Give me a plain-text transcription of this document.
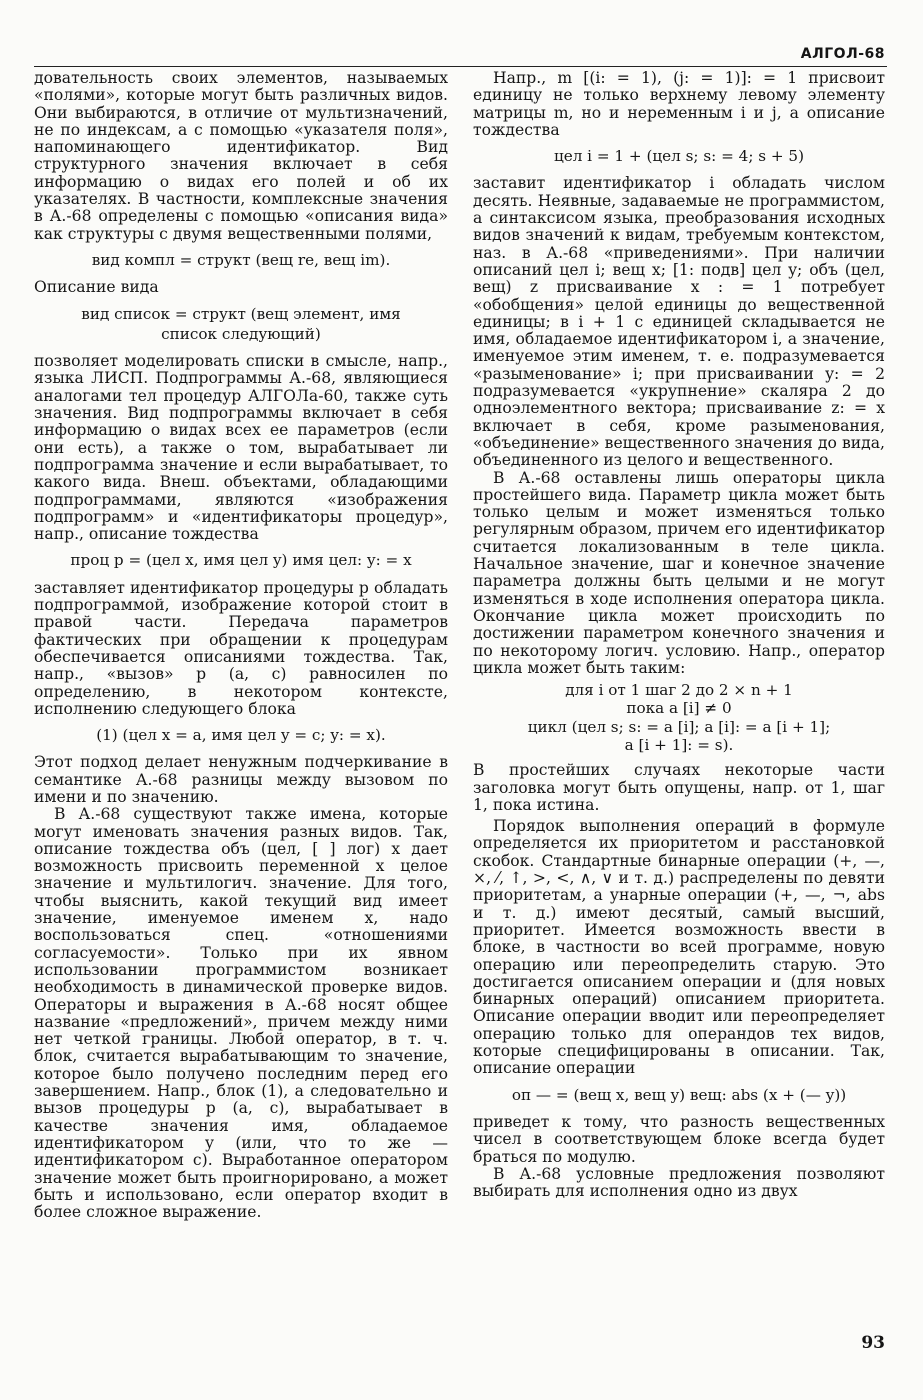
АЛГОЛ-68

довательность своих элементов, называемых «полями», которые могут быть различных видов. Они выбираются, в отличие от мультизначений, не по индексам, а с помощью «указателя поля», напоминающего идентификатор. Вид структурного значения включает в себя информацию о видах его полей и об их указателях. В частности, комплексные значения в А.-68 определены с помощью «описания вида» как структуры с двумя вещественными полями,

вид компл = структ (вещ re, вещ im).

Описание вида

вид список = структ (вещ элемент, имя

список следующий)

позволяет моделировать списки в смысле, напр., языка ЛИСП. Подпрограммы А.-68, являющиеся аналогами тел процедур АЛГОЛа-60, также суть значения. Вид подпрограммы включает в себя информацию о видах всех ее параметров (если они есть), а также о том, вырабатывает ли подпрограмма значение и если вырабатывает, то какого вида. Внеш. объектами, обладающими подпрограммами, являются «изображения подпрограмм» и «идентификаторы процедур», напр., описание тождества

проц p = (цел x, имя цел y) имя цел: y: = x

заставляет идентификатор процедуры p обладать подпрограммой, изображение которой стоит в правой части. Передача параметров фактических при обращении к процедурам обеспечивается описаниями тождества. Так, напр., «вызов» p (a, c) равносилен по определению, в некотором контексте, исполнению следующего блока

(1) (цел x = a, имя цел y = c; y: = x).

Этот подход делает ненужным подчеркивание в семантике А.-68 разницы между вызовом по имени и по значению.

В А.-68 существуют также имена, которые могут именовать значения разных видов. Так, описание тождества объ (цел, [ ] лог) x дает возможность присвоить переменной x целое значение и мультилогич. значение. Для того, чтобы выяснить, какой текущий вид имеет значение, именуемое именем x, надо воспользоваться спец. «отношениями согласуемости». Только при их явном использовании программистом возникает необходимость в динамической проверке видов. Операторы и выражения в А.-68 носят общее название «предложений», причем между ними нет четкой границы. Любой оператор, в т. ч. блок, считается вырабатывающим то значение, которое было получено последним перед его завершением. Напр., блок (1), а следовательно и вызов процедуры p (a, c), вырабатывает в качестве значения имя, обладаемое идентификатором y (или, что то же — идентификатором c). Выработанное оператором значение может быть проигнорировано, а может быть и использовано, если оператор входит в более сложное выражение.

Напр., m [(i: = 1), (j: = 1)]: = 1 присвоит единицу не только верхнему левому элементу матрицы m, но и неременным i и j, а описание тождества

цел i = 1 + (цел s; s: = 4; s + 5)

заставит идентификатор i обладать числом десять. Неявные, задаваемые не программистом, а синтаксисом языка, преобразования исходных видов значений к видам, требуемым контекстом, наз. в А.-68 «приведениями». При наличии описаний цел i; вещ x; [1: подв] цел y; объ (цел, вещ) z присваивание x : = 1 потребует «обобщения» целой единицы до вещественной единицы; в i + 1 с единицей складывается не имя, обладаемое идентификатором i, а значение, именуемое этим именем, т. е. подразумевается «разыменование» i; при присваивании y: = 2 подразумевается «укрупнение» скаляра 2 до одноэлементного вектора; присваивание z: = x включает в себя, кроме разыменования, «объединение» вещественного значения до вида, объединенного из целого и вещественного.

В А.-68 оставлены лишь операторы цикла простейшего вида. Параметр цикла может быть только целым и может изменяться только регулярным образом, причем его идентификатор считается локализованным в теле цикла. Начальное значение, шаг и конечное значение параметра должны быть целыми и не могут изменяться в ходе исполнения оператора цикла. Окончание цикла может происходить по достижении параметром конечного значения и по некоторому логич. условию. Напр., оператор цикла может быть таким:

для i от 1 шаг 2 до 2 × n + 1

пока a [i] ≠ 0

цикл (цел s; s: = a [i]; a [i]: = a [i + 1];

a [i + 1]: = s).

В простейших случаях некоторые части заголовка могут быть опущены, напр. от 1, шаг 1, пока истина.

Порядок выполнения операций в формуле определяется их приоритетом и расстановкой скобок. Стандартные бинарные операции (+, —, ×, ⁄, ↑, >, <, ∧, ∨ и т. д.) распределены по девяти приоритетам, а унарные операции (+, —, ¬, abs и т. д.) имеют десятый, самый высший, приоритет. Имеется возможность ввести в блоке, в частности во всей программе, новую операцию или переопределить старую. Это достигается описанием операции и (для новых бинарных операций) описанием приоритета. Описание операции вводит или переопределяет операцию только для операндов тех видов, которые специфицированы в описании. Так, описание операции

оп — = (вещ x, вещ y) вещ: abs (x + (— y))

приведет к тому, что разность вещественных чисел в соответствующем блоке всегда будет браться по модулю.

В А.-68 условные предложения позволяют выбирать для исполнения одно из двух

93
